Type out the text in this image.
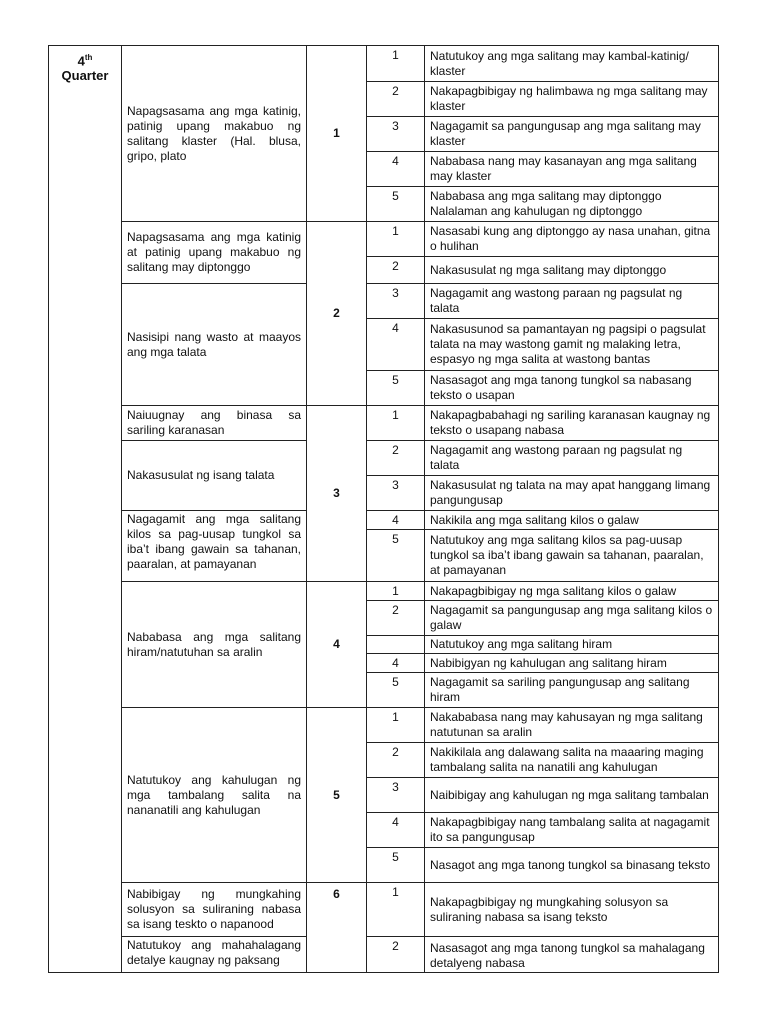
4th
Quarter	Napagsasama ang mga katinig, patinig upang makabuo ng salitang klaster (Hal. blusa, gripo, plato	1	1	Natutukoy ang mga salitang may kambal-katinig/ klaster
			2	Nakapagbibigay ng halimbawa ng mga salitang may klaster
			3	Nagagamit sa pangungusap ang mga salitang may klaster
			4	Nababasa nang may kasanayan ang mga salitang may klaster
			5	Nababasa ang mga salitang may diptonggo Nalalaman ang kahulugan ng diptonggo
	Napagsasama ang mga katinig at patinig upang makabuo ng salitang may diptonggo	2	1	Nasasabi kung ang diptonggo ay nasa unahan, gitna o hulihan
			2	Nakasusulat ng mga salitang may diptonggo
	Nasisipi nang wasto at maayos ang mga talata		3	Nagagamit ang wastong paraan ng pagsulat ng talata
			4	Nakasusunod sa pamantayan ng pagsipi o pagsulat talata na may wastong gamit ng malaking letra, espasyo ng mga salita at wastong bantas
			5	Nasasagot ang mga tanong tungkol sa nabasang teksto o usapan
	Naiuugnay ang binasa sa sariling karanasan	3	1	Nakapagbabahagi ng sariling karanasan kaugnay ng teksto o usapang nabasa
	Nakasusulat ng isang talata		2	Nagagamit ang wastong paraan ng pagsulat ng talata
			3	Nakasusulat ng talata na may apat hanggang limang pangungusap
	Nagagamit ang mga salitang kilos sa pag-uusap tungkol sa iba’t ibang gawain sa tahanan, paaralan, at pamayanan		4	Nakikila ang mga salitang kilos o galaw
			5	Natutukoy ang mga salitang kilos sa pag-uusap tungkol sa iba’t ibang gawain sa tahanan, paaralan, at pamayanan
	Nababasa ang mga salitang hiram/natutuhan sa aralin	4	1	Nakapagbibigay ng mga salitang kilos o galaw
			2	Nagagamit sa pangungusap ang mga salitang kilos o galaw
				Natutukoy ang mga salitang hiram
			4	Nabibigyan ng kahulugan ang salitang hiram
			5	Nagagamit sa sariling pangungusap ang salitang hiram
	Natutukoy ang kahulugan ng mga tambalang salita na nananatili ang kahulugan	5	1	Nakababasa nang may kahusayan ng mga salitang natutunan sa aralin
			2	Nakikilala ang dalawang salita na maaaring maging tambalang salita na nanatili ang kahulugan
			3	Naibibigay ang kahulugan ng mga salitang tambalan
			4	Nakapagbibigay nang tambalang salita at nagagamit ito sa pangungusap
			5	Nasagot ang mga tanong tungkol sa binasang teksto
	Nabibigay ng mungkahing solusyon sa suliraning nabasa sa isang teskto o napanood	6	1	Nakapagbibigay ng mungkahing solusyon sa suliraning nabasa sa isang teksto
	Natutukoy ang mahahalagang detalye kaugnay ng paksang		2	Nasasagot ang mga tanong tungkol sa mahalagang detalyeng nabasa
